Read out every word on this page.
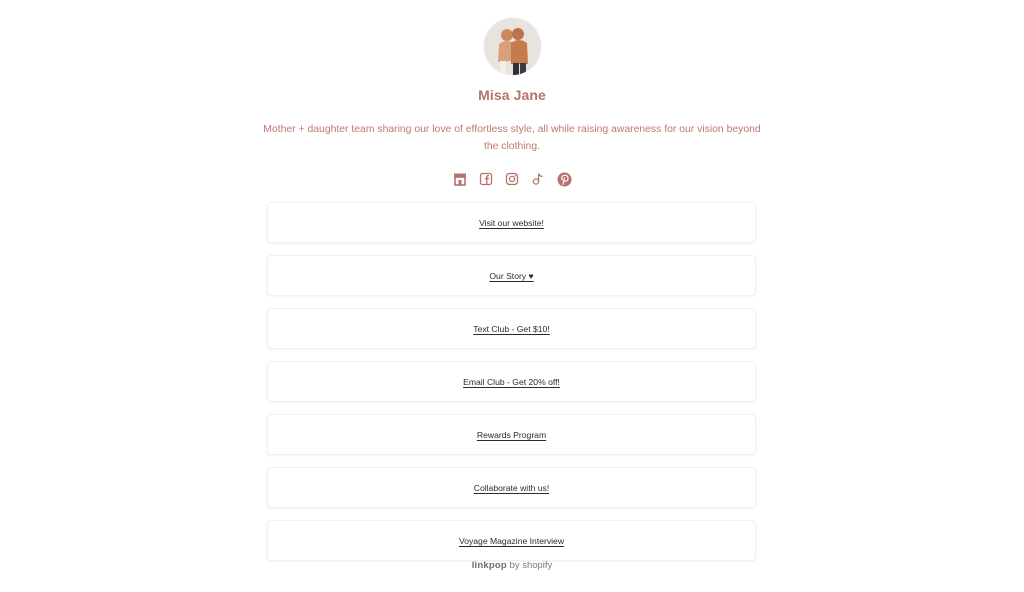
Misa Jane
Mother + daughter team sharing our love of effortless style, all while raising awareness for our vision beyond the clothing.
Visit our website!
Our Story ♥
Text Club - Get $10!
Email Club - Get 20% off!
Rewards Program
Collaborate with us!
Voyage Magazine Interview
linkpop by shopify
